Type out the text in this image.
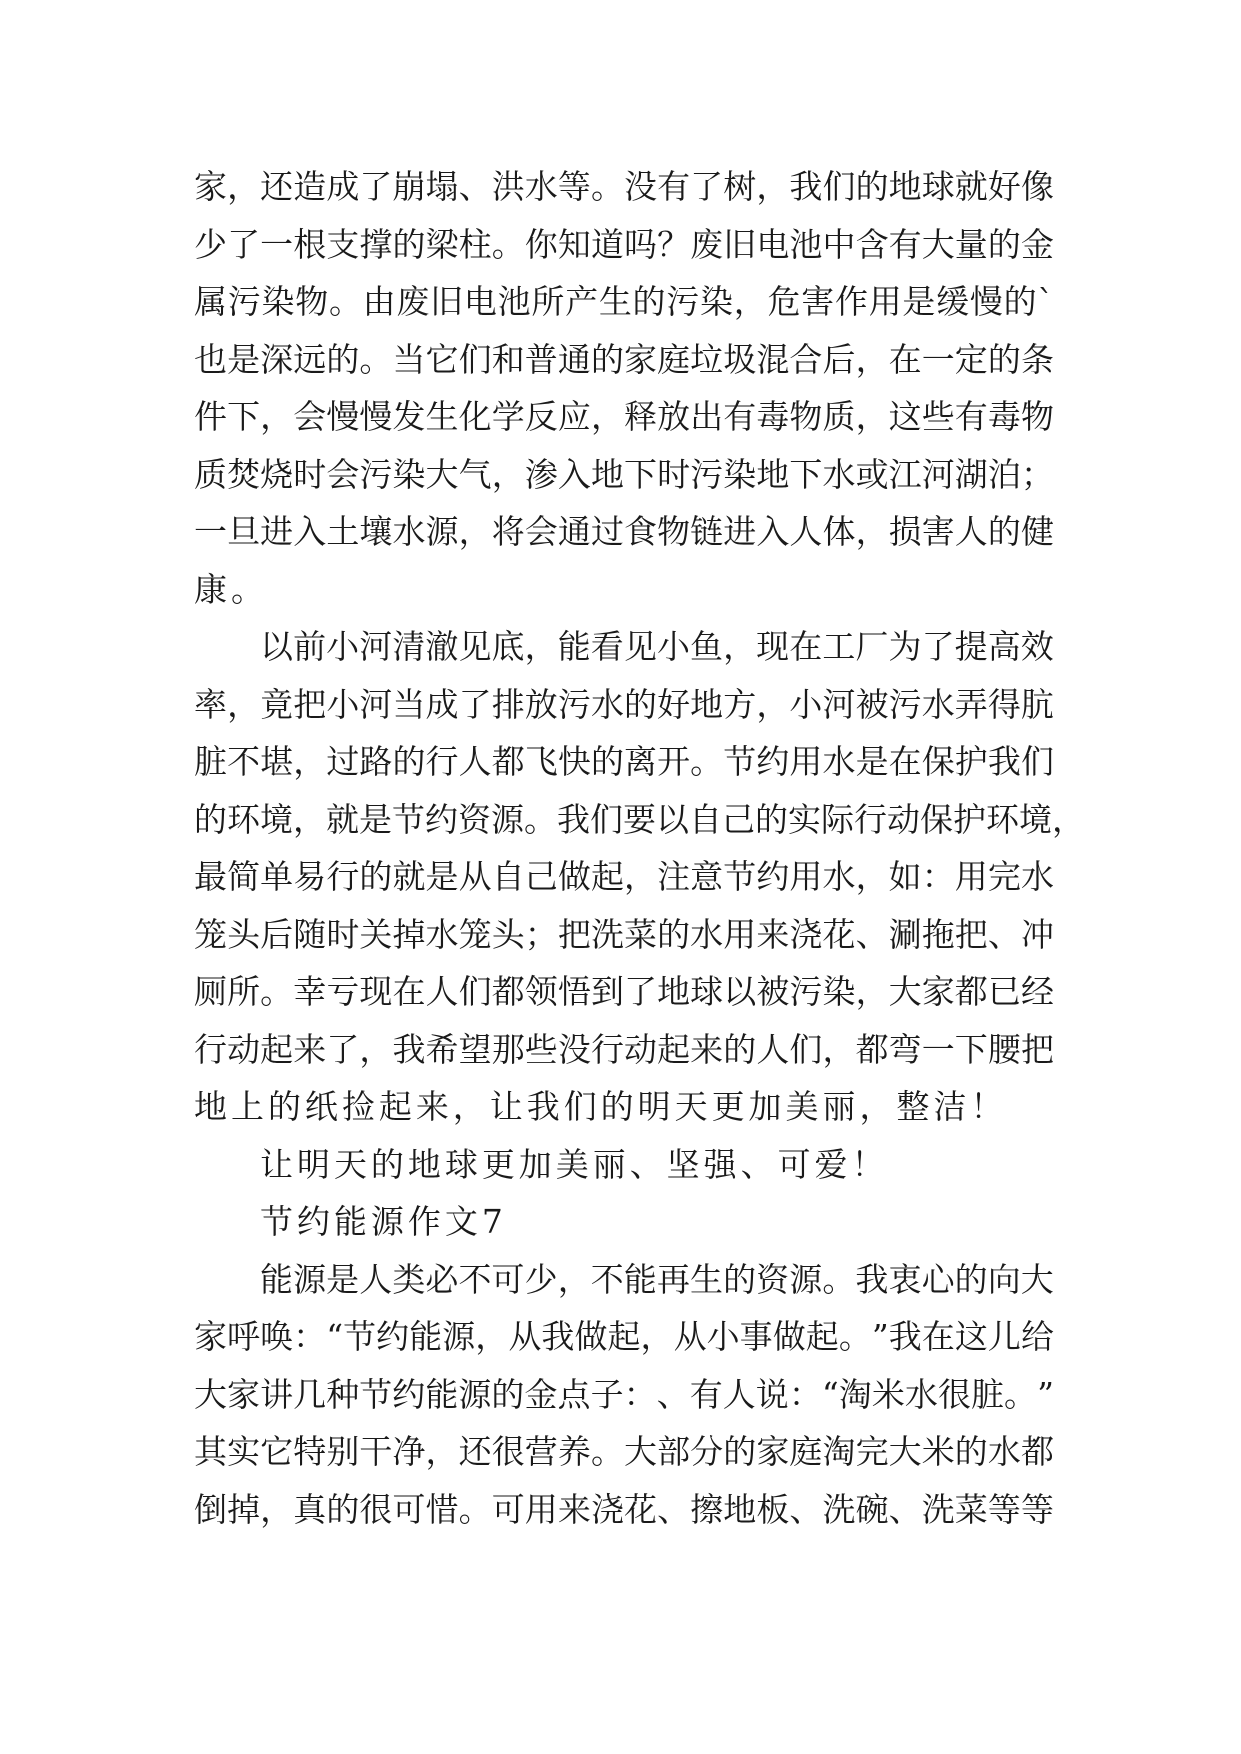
家 ， 还 造 成 了 崩 塌 、 洪 水 等 。 没 有 了 树 ， 我 们 的 地 球 就 好 像
少 了 一 根 支 撑 的 梁 柱 。 你 知 道 吗 ？ 废 旧 电 池 中 含 有 大 量 的 金
属 污 染 物 。 由 废 旧 电 池 所 产 生 的 污 染 ， 危 害 作 用 是 缓 慢 的 `
也 是 深 远 的 。 当 它 们 和 普 通 的 家 庭 垃 圾 混 合 后 ， 在 一 定 的 条
件 下 ， 会 慢 慢 发 生 化 学 反 应 ， 释 放 出 有 毒 物 质 ， 这 些 有 毒 物
质 焚 烧 时 会 污 染 大 气 ， 渗 入 地 下 时 污 染 地 下 水 或 江 河 湖 泊 ；
一 旦 进 入 土 壤 水 源 ， 将 会 通 过 食 物 链 进 入 人 体 ， 损 害 人 的 健
康 。
以 前 小 河 清 澈 见 底 ， 能 看 见 小 鱼 ， 现 在 工 厂 为 了 提 高 效
率 ， 竟 把 小 河 当 成 了 排 放 污 水 的 好 地 方 ， 小 河 被 污 水 弄 得 肮
脏 不 堪 ， 过 路 的 行 人 都 飞 快 的 离 开 。 节 约 用 水 是 在 保 护 我 们
的 环 境 ， 就 是 节 约 资 源 。 我 们 要 以 自 己 的 实 际 行 动 保 护 环 境 ，
最 简 单 易 行 的 就 是 从 自 己 做 起 ， 注 意 节 约 用 水 ， 如 ： 用 完 水
笼 头 后 随 时 关 掉 水 笼 头 ； 把 洗 菜 的 水 用 来 浇 花 、 涮 拖 把 、 冲
厕 所 。 幸 亏 现 在 人 们 都 领 悟 到 了 地 球 以 被 污 染 ， 大 家 都 已 经
行 动 起 来 了 ， 我 希 望 那 些 没 行 动 起 来 的 人 们 ， 都 弯 一 下 腰 把
地 上 的 纸 捡 起 来 ， 让 我 们 的 明 天 更 加 美 丽 ， 整 洁 ！
让 明 天 的 地 球 更 加 美 丽 、 坚 强 、 可 爱 ！
节 约 能 源 作 文 7
能 源 是 人 类 必 不 可 少 ， 不 能 再 生 的 资 源 。 我 衷 心 的 向 大
家 呼 唤 ： “ 节 约 能 源 ， 从 我 做 起 ， 从 小 事 做 起 。 ” 我 在 这 儿 给
大 家 讲 几 种 节 约 能 源 的 金 点 子 ： 、 有 人 说 ： “ 淘 米 水 很 脏 。 ”
其 实 它 特 别 干 净 ， 还 很 营 养 。 大 部 分 的 家 庭 淘 完 大 米 的 水 都
倒 掉 ， 真 的 很 可 惜 。 可 用 来 浇 花 、 擦 地 板 、 洗 碗 、 洗 菜 等 等
